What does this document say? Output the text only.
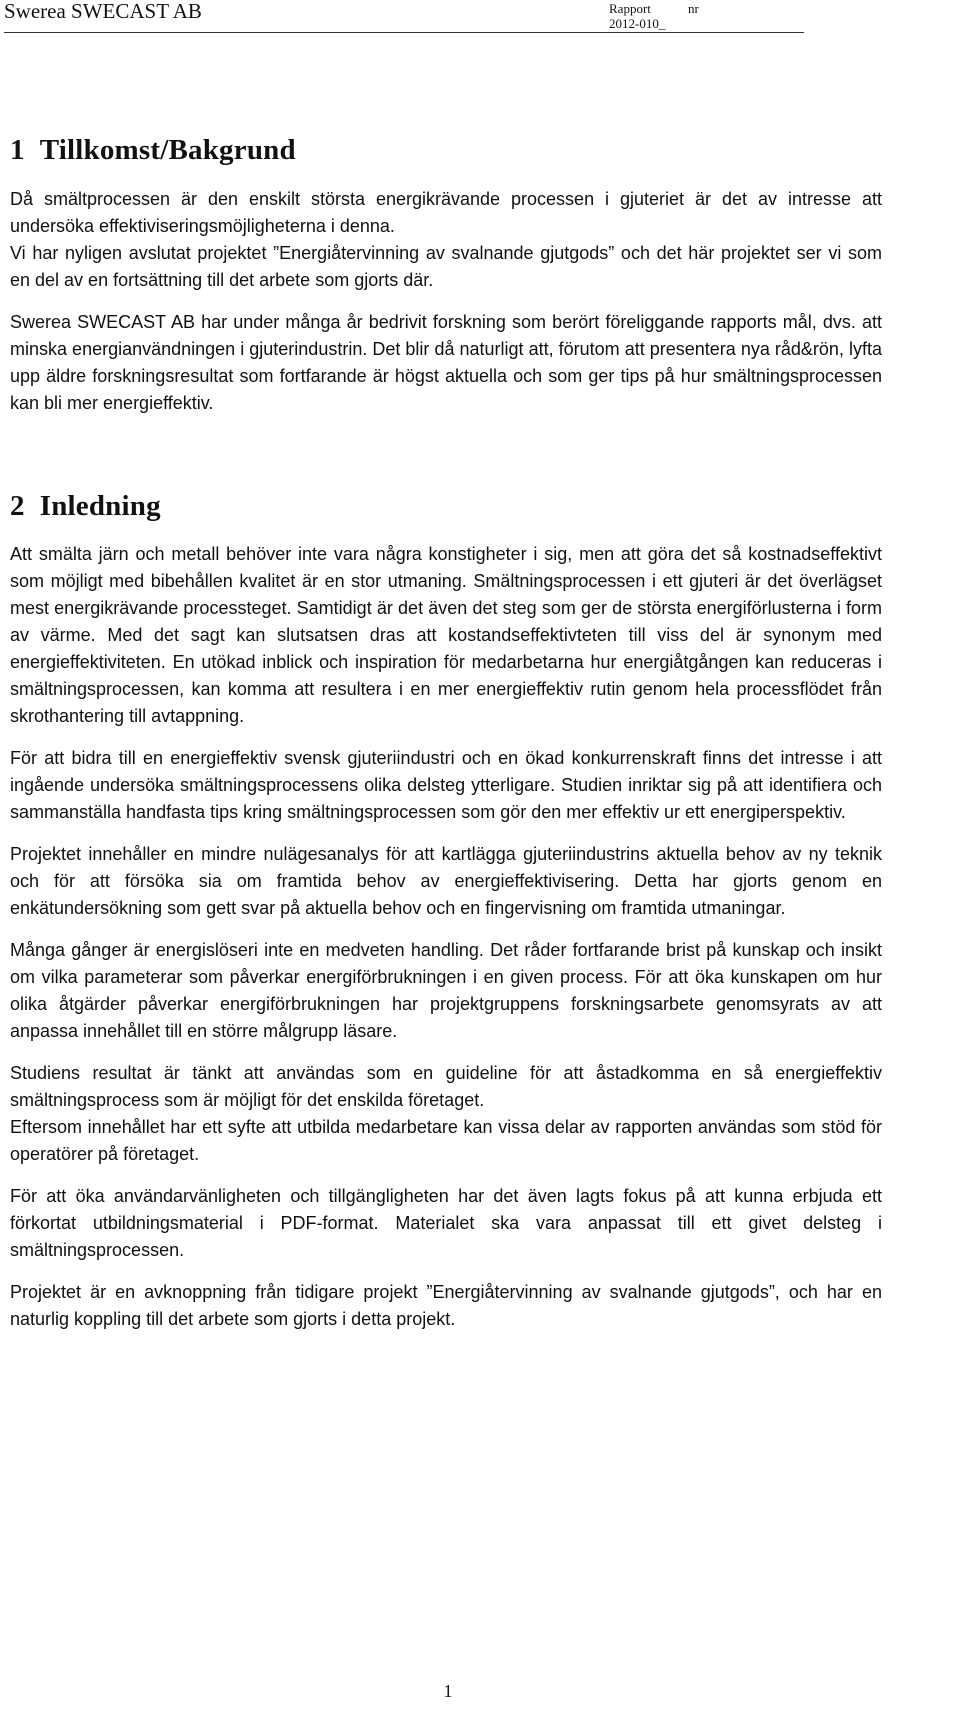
Swerea SWECAST AB	Rapport	nr
2012-010_
1 Tillkomst/Bakgrund

Då smältprocessen är den enskilt största energikrävande processen i gjuteriet är det av intresse att undersöka effektiviseringsmöjligheterna i denna.

Vi har nyligen avslutat projektet ”Energiåtervinning av svalnande gjutgods” och det här projektet ser vi som en del av en fortsättning till det arbete som gjorts där.

Swerea SWECAST AB har under många år bedrivit forskning som berört föreliggande rapports mål, dvs. att minska energianvändningen i gjuterindustrin. Det blir då naturligt att, förutom att presentera nya råd&rön, lyfta upp äldre forskningsresultat som fortfarande är högst aktuella och som ger tips på hur smältningsprocessen kan bli mer energieffektiv.

2 Inledning

Att smälta järn och metall behöver inte vara några konstigheter i sig, men att göra det så kostnadseffektivt som möjligt med bibehållen kvalitet är en stor utmaning. Smältningsprocessen i ett gjuteri är det överlägset mest energikrävande processteget. Samtidigt är det även det steg som ger de största energiförlusterna i form av värme. Med det sagt kan slutsatsen dras att kostandseffektivteten till viss del är synonym med energieffektiviteten. En utökad inblick och inspiration för medarbetarna hur energiåtgången kan reduceras i smältningsprocessen, kan komma att resultera i en mer energieffektiv rutin genom hela processflödet från skrothantering till avtappning.

För att bidra till en energieffektiv svensk gjuteriindustri och en ökad konkurrenskraft finns det intresse i att ingående undersöka smältningsprocessens olika delsteg ytterligare. Studien inriktar sig på att identifiera och sammanställa handfasta tips kring smältningsprocessen som gör den mer effektiv ur ett energiperspektiv.

Projektet innehåller en mindre nulägesanalys för att kartlägga gjuteriindustrins aktuella behov av ny teknik och för att försöka sia om framtida behov av energieffektivisering. Detta har gjorts genom en enkätundersökning som gett svar på aktuella behov och en fingervisning om framtida utmaningar.

Många gånger är energislöseri inte en medveten handling. Det råder fortfarande brist på kunskap och insikt om vilka parameterar som påverkar energiförbrukningen i en given process. För att öka kunskapen om hur olika åtgärder påverkar energiförbrukningen har projektgruppens forskningsarbete genomsyrats av att anpassa innehållet till en större målgrupp läsare.

Studiens resultat är tänkt att användas som en guideline för att åstadkomma en så energieffektiv smältningsprocess som är möjligt för det enskilda företaget.

Eftersom innehållet har ett syfte att utbilda medarbetare kan vissa delar av rapporten användas som stöd för operatörer på företaget.

För att öka användarvänligheten och tillgängligheten har det även lagts fokus på att kunna erbjuda ett förkortat utbildningsmaterial i PDF-format. Materialet ska vara anpassat till ett givet delsteg i smältningsprocessen.

Projektet är en avknoppning från tidigare projekt ”Energiåtervinning av svalnande gjutgods”, och har en naturlig koppling till det arbete som gjorts i detta projekt.

1
